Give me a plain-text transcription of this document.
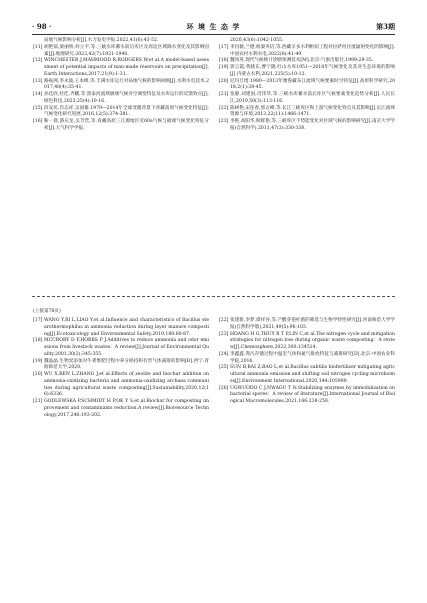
· 98 ·	环 境 生 态 学	第3期

局地气候影响分析[J].水力发电学报.2022,41(6):43-52.

[11] 胡艳茹,梁丽娇,何立平,等.三峡水库蓄水前后库区及周边区域降水变化及其影响因素[J].地理研究.2023,42(7):1921-1940.

[12] WINCHESTER J,MAHMOOD R,RODGERS W,et al.A model-based assessment of potential impacts of man-made reservoirs on precipitation[J].Earth Interactions,2017,21(9):1-31.

[13] 路振洲,李永波,王本峰,等.丰满水库运行对局地气候的影响回顾[J].水利水电技术,2017,48(4):35-41.

[14] 孙佳欣,杜佳,齐鹏,等.黑泰河流域极端气候对空调变特征及水库运行的反馈效应[J].绿色科技,2023,25(4):10-16.

[15] 段安民,肖志祥,吴国雄.1979—2014年全球变暖背景下青藏高原气候变化特征[J].气候变化研究进展,2016,12(5):374-381.

[16] 靳一晨,游庆龙,吴芳营,等.青藏高原三江源地区近60a气候与极端气候变化特征分析[J].大气科学学报,

2020,43(6):1042-1055.

[17] 李昌薇,兰德,杨秦央培,等.西藏羊多水利枢纽工程对拉萨河径流辐射变化的影响[J].中国农村水利水电,2022(8):41-49.

[18] 魏凤英.现代气候统计诊断预测技术[M].北京:气象出版社,1999:29-35.

[19] 郭云霞,黄晓东,曹宁隆.红山水库1951—2018年气候变化及其对生态环境的影响[J].内蒙古水利,2021,225(5):10-12.

[20] 尼玛旦增.1980—2013年雅鲁藏布江流域气候要素时空特征[J].高原科学研究,2018,2(1):38-45.

[21] 张静,刘建国,肖伟华,等.三峡水库蓄水前后库区气候要素变化趋势分析[J].人民长江,2019,50(3):113-116.

[22] 陈树艳,宋连春,郭占峰,等.长江三峡库区和上游气候变化特点及其影响[J].长江流域资源与环境,2013,22(11):1466-1471.

[23] 李艳,高阳华,顾辉艳,等.三峡库区不势能变化对区域气候的影响研究[J].南京大学学报(自然科学),2011,47(3):330-338.

(上接第78页)

[17] WANG Y,BI L,LIAO Y,et al.Influence and characteristics of Bacillus stearothermophilus in ammonia reduction during layer manure composting[J].Ecotoxicology and Environmental Safety,2019,180:80-87.

[18] MCCRORY D F,HOBBS P J.Additives to reduce ammonia and odor emissions from livestock wastes：A review[J].Journal of Environmental Quality,2001,30(2):345-355.

[19] 魏晶晶.生物炭添加对牛粪堆肥过程中养分损持和有害气体减排的影响[D].西宁:青海师范大学,2020.

[20] WU X,REN L,ZHANG J,et al.Effects of zeolite and biochar addition on ammonia-oxidizing bacteria and ammonia-oxidizing archaea communities during agricultural waste composting[J].Sustainability,2020,12(16):6336.

[21] GODLEWSKA P,SCHMIDT H P,OK Y S,et al.Biochar for composting improvement and contaminants reduction.A review[J].Bioresource Technology,2017,246:193-202.

[22] 张建新,李梦,谭祥谷,等.产酸芽孢杆菌的筛选与生物学特性研究[J].河南师范大学学报(自然科学版),2021,49(5):96-103.

[23] HOANG H G,THUY B T P,LIN C,et al.The nitrogen cycle and mitigation strategies for nitrogen loss during organic waste composting：A review[J].Chemosphere,2022,300:134514.

[24] 李鑫鑫.粪污存储过程中温室气体和氮气排放特征与减排研究[D].北京:中国农业科学院,2016.

[25] SUN B,BAI Z,BAO L,et al.Bacillus subtilis biofertilizer mitigating agricultural ammonia emission and shifting soil nitrogen cycling microbiomes[J].Environment International,2020,144:105989.

[26] UGWUODO C J,NWAGU T N.Stabilizing enzymes by immobilization on bacterial spores：A review of literature[J].International Journal of Biological Macromolecules,2021,166:238-250.
